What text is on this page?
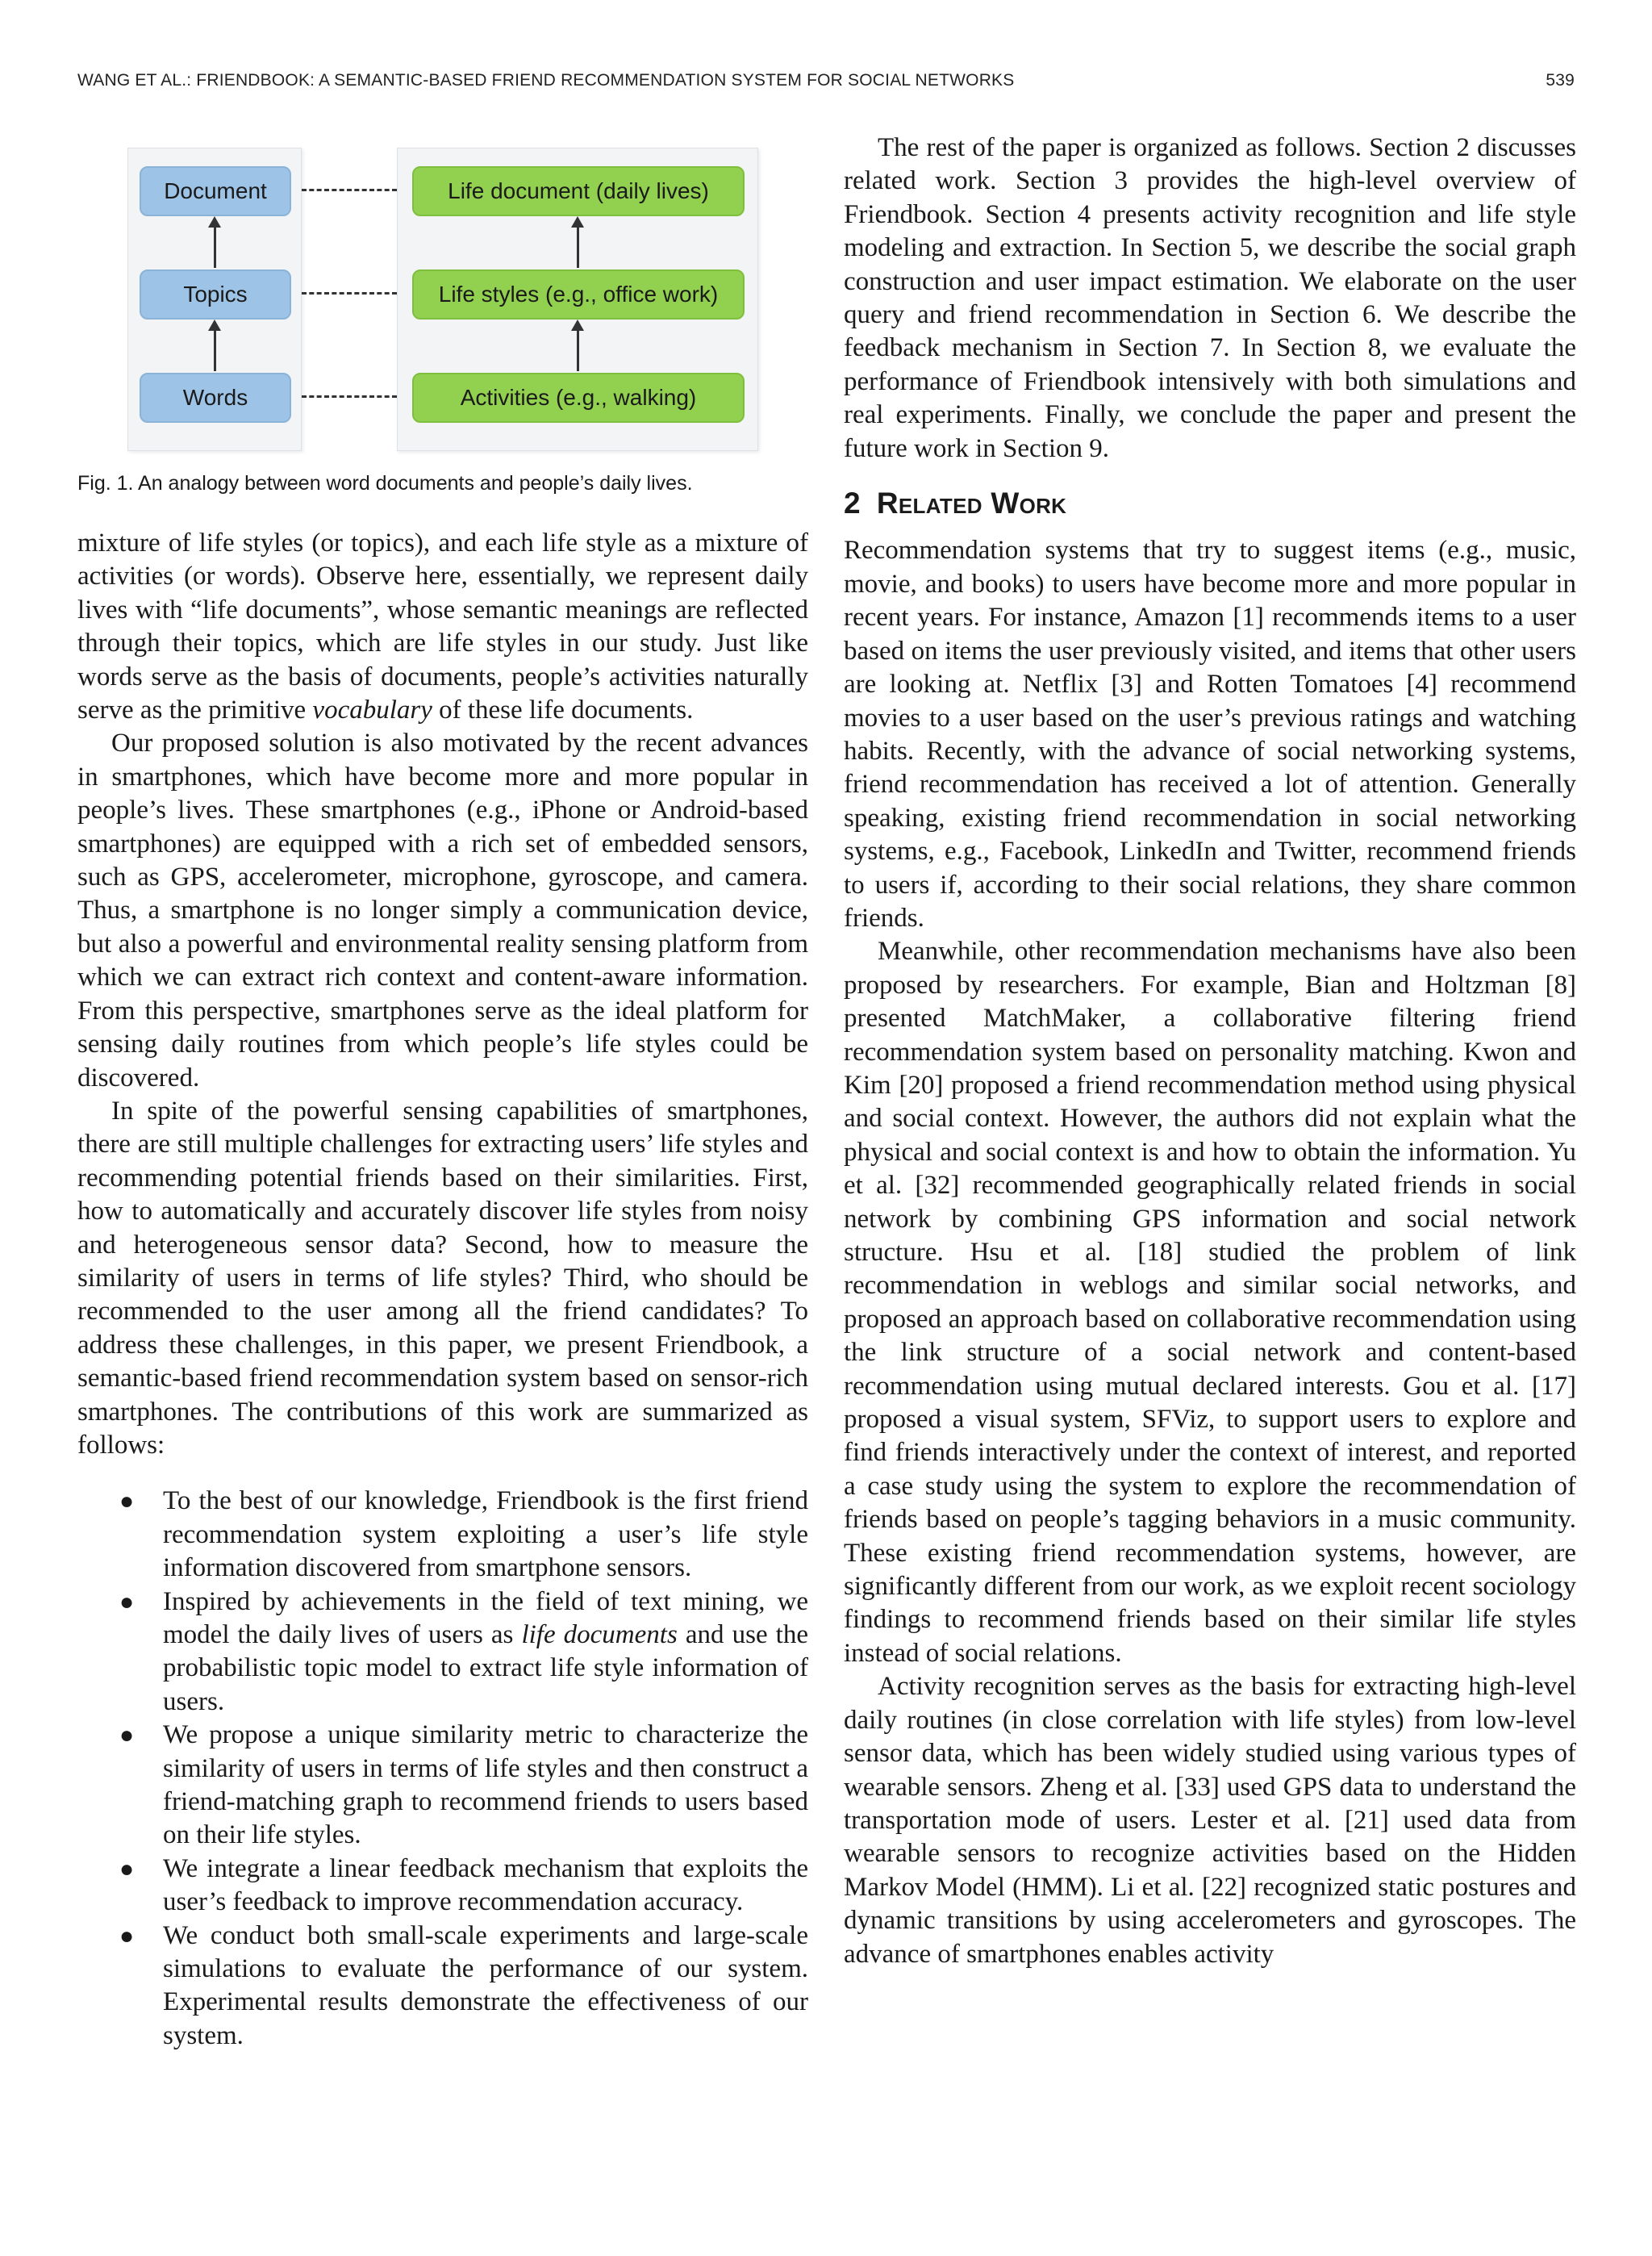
WANG ET AL.: FRIENDBOOK: A SEMANTIC-BASED FRIEND RECOMMENDATION SYSTEM FOR SOCIAL NETWORKS	539
Document
Topics
Words
Life document (daily lives)
Life styles (e.g., office work)
Activities (e.g., walking)
Fig. 1. An analogy between word documents and people’s daily lives.

mixture of life styles (or topics), and each life style as a mixture of activities (or words). Observe here, essentially, we represent daily lives with “life documents”, whose semantic meanings are reflected through their topics, which are life styles in our study. Just like words serve as the basis of documents, people’s activities naturally serve as the primitive vocabulary of these life documents.

Our proposed solution is also motivated by the recent advances in smartphones, which have become more and more popular in people’s lives. These smartphones (e.g., iPhone or Android-based smartphones) are equipped with a rich set of embedded sensors, such as GPS, accelerometer, microphone, gyroscope, and camera. Thus, a smartphone is no longer simply a communication device, but also a powerful and environmental reality sensing platform from which we can extract rich context and content-aware information. From this perspective, smartphones serve as the ideal platform for sensing daily routines from which people’s life styles could be discovered.

In spite of the powerful sensing capabilities of smartphones, there are still multiple challenges for extracting users’ life styles and recommending potential friends based on their similarities. First, how to automatically and accurately discover life styles from noisy and heterogeneous sensor data? Second, how to measure the similarity of users in terms of life styles? Third, who should be recommended to the user among all the friend candidates? To address these challenges, in this paper, we present Friendbook, a semantic-based friend recommendation system based on sensor-rich smartphones. The contributions of this work are summarized as follows:

● To the best of our knowledge, Friendbook is the first friend recommendation system exploiting a user’s life style information discovered from smartphone sensors.
● Inspired by achievements in the field of text mining, we model the daily lives of users as life documents and use the probabilistic topic model to extract life style information of users.
● We propose a unique similarity metric to characterize the similarity of users in terms of life styles and then construct a friend-matching graph to recommend friends to users based on their life styles.
● We integrate a linear feedback mechanism that exploits the user’s feedback to improve recommendation accuracy.
● We conduct both small-scale experiments and large-scale simulations to evaluate the performance of our system. Experimental results demonstrate the effectiveness of our system.

The rest of the paper is organized as follows. Section 2 discusses related work. Section 3 provides the high-level overview of Friendbook. Section 4 presents activity recognition and life style modeling and extraction. In Section 5, we describe the social graph construction and user impact estimation. We elaborate on the user query and friend recommendation in Section 6. We describe the feedback mechanism in Section 7. In Section 8, we evaluate the performance of Friendbook intensively with both simulations and real experiments. Finally, we conclude the paper and present the future work in Section 9.

2 Related Work

Recommendation systems that try to suggest items (e.g., music, movie, and books) to users have become more and more popular in recent years. For instance, Amazon [1] recommends items to a user based on items the user previously visited, and items that other users are looking at. Netflix [3] and Rotten Tomatoes [4] recommend movies to a user based on the user’s previous ratings and watching habits. Recently, with the advance of social networking systems, friend recommendation has received a lot of attention. Generally speaking, existing friend recommendation in social networking systems, e.g., Facebook, LinkedIn and Twitter, recommend friends to users if, according to their social relations, they share common friends.

Meanwhile, other recommendation mechanisms have also been proposed by researchers. For example, Bian and Holtzman [8] presented MatchMaker, a collaborative filtering friend recommendation system based on personality matching. Kwon and Kim [20] proposed a friend recommendation method using physical and social context. However, the authors did not explain what the physical and social context is and how to obtain the information. Yu et al. [32] recommended geographically related friends in social network by combining GPS information and social network structure. Hsu et al. [18] studied the problem of link recommendation in weblogs and similar social networks, and proposed an approach based on collaborative recommendation using the link structure of a social network and content-based recommendation using mutual declared interests. Gou et al. [17] proposed a visual system, SFViz, to support users to explore and find friends interactively under the context of interest, and reported a case study using the system to explore the recommendation of friends based on people’s tagging behaviors in a music community. These existing friend recommendation systems, however, are significantly different from our work, as we exploit recent sociology findings to recommend friends based on their similar life styles instead of social relations.

Activity recognition serves as the basis for extracting high-level daily routines (in close correlation with life styles) from low-level sensor data, which has been widely studied using various types of wearable sensors. Zheng et al. [33] used GPS data to understand the transportation mode of users. Lester et al. [21] used data from wearable sensors to recognize activities based on the Hidden Markov Model (HMM). Li et al. [22] recognized static postures and dynamic transitions by using accelerometers and gyroscopes. The advance of smartphones enables activity
